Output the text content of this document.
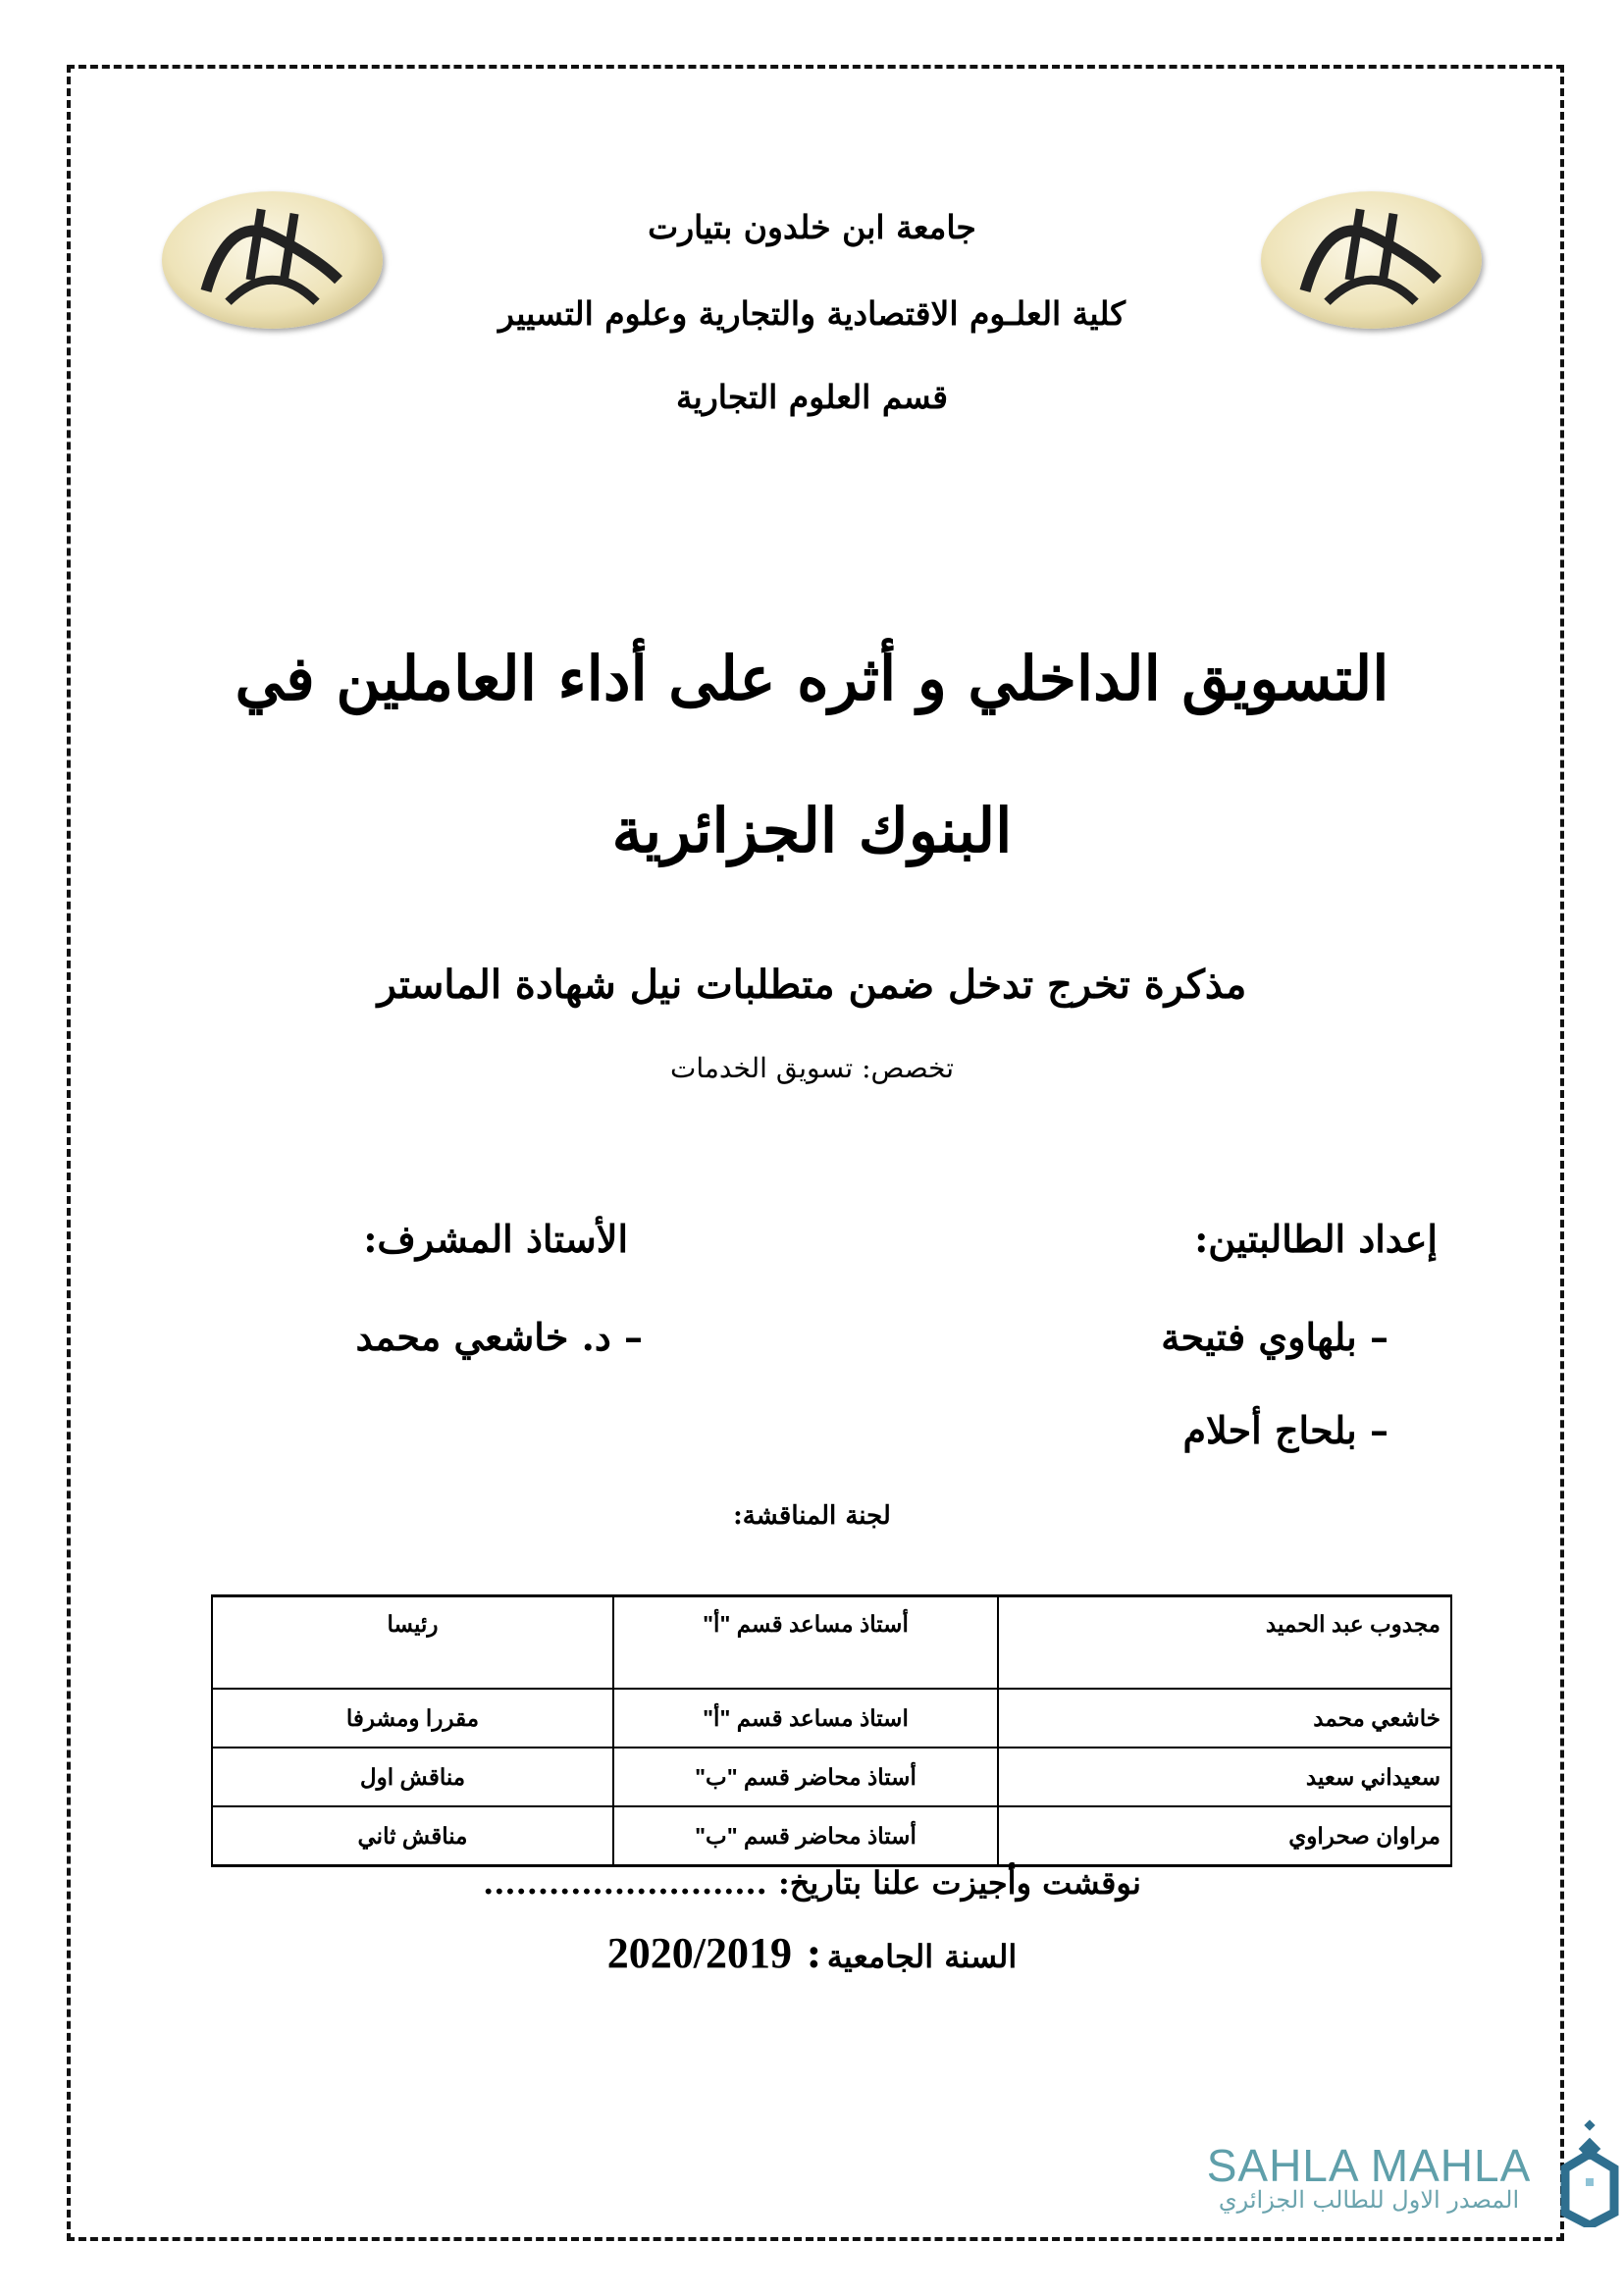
جامعة ابن خلدون بتيارت
كلية العلـوم الاقتصادية والتجارية وعلوم التسيير
قسم العلوم التجارية
التسويق الداخلي و أثره على أداء العاملين في
البنوك الجزائرية
مذكرة تخرج تدخل ضمن متطلبات نيل شهادة الماستر
تخصص: تسويق الخدمات
إعداد الطالبتين:
الأستاذ المشرف:
– بلهاوي فتيحة
– بلحاج أحلام
– د. خاشعي محمد
لجنة المناقشة:
مجدوب عبد الحميد	أستاذ مساعد قسم "أ"	رئيسا
خاشعي محمد	استاذ مساعد قسم "أ"	مقررا ومشرفا
سعيداني سعيد	أستاذ محاضر قسم "ب"	مناقش اول
مراوان صحراوي	أستاذ محاضر قسم "ب"	مناقش ثاني
نوقشت وأجيزت علنا بتاريخ: ..........................
السنة الجامعية : 2020/2019
SAHLA MAHLA
المصدر الاول للطالب الجزائري
